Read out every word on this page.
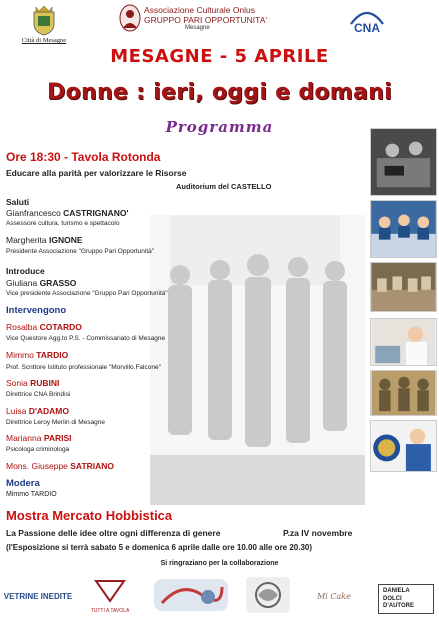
Città di Mesagne
Associazione Culturale Onlus
GRUPPO PARI OPPORTUNITA'
Mesagne	CNA
MESAGNE - 5 APRILE
Donne : ieri, oggi e domani
Programma
Ore 18:30 - Tavola Rotonda
Educare alla parità per valorizzare le Risorse
Auditorium del CASTELLO
Saluti
Gianfrancesco CASTRIGNANO'
Assessore cultura, turismo e spettacolo
Margherita IGNONE
Presidente Associazione "Gruppo Pari Opportunità"
Introduce
Giuliana GRASSO
Vice presidente Associazione "Gruppo Pari Opportunità"
Intervengono
Rosalba COTARDO
Vice Questore Agg.to P.S. - Commissariato di Mesagne
Mimmo TARDIO
Prof. Scrittore Istituto professionale "Morvillo.Falcone"
Sonia RUBINI
Direttrice CNA Brindisi
Luisa D'ADAMO
Direttrice Leroy Merlin di Mesagne
Marianna PARISI
Psicologa criminologa
Mons. Giuseppe SATRIANO
Modera
Mimmo TARDIO
Mostra Mercato Hobbistica
La Passione delle idee oltre ogni differenza di genere	P.za IV novembre
(l'Esposizione si terrà sabato 5 e domenica 6 aprile dalle ore 10.00 alle ore 20.30)
Si ringraziano per la collaborazione
VETRINE INEDITE
TUTTI A TAVOLA
Mi Cake
DANIELA
DOLCI D'AUTORE
